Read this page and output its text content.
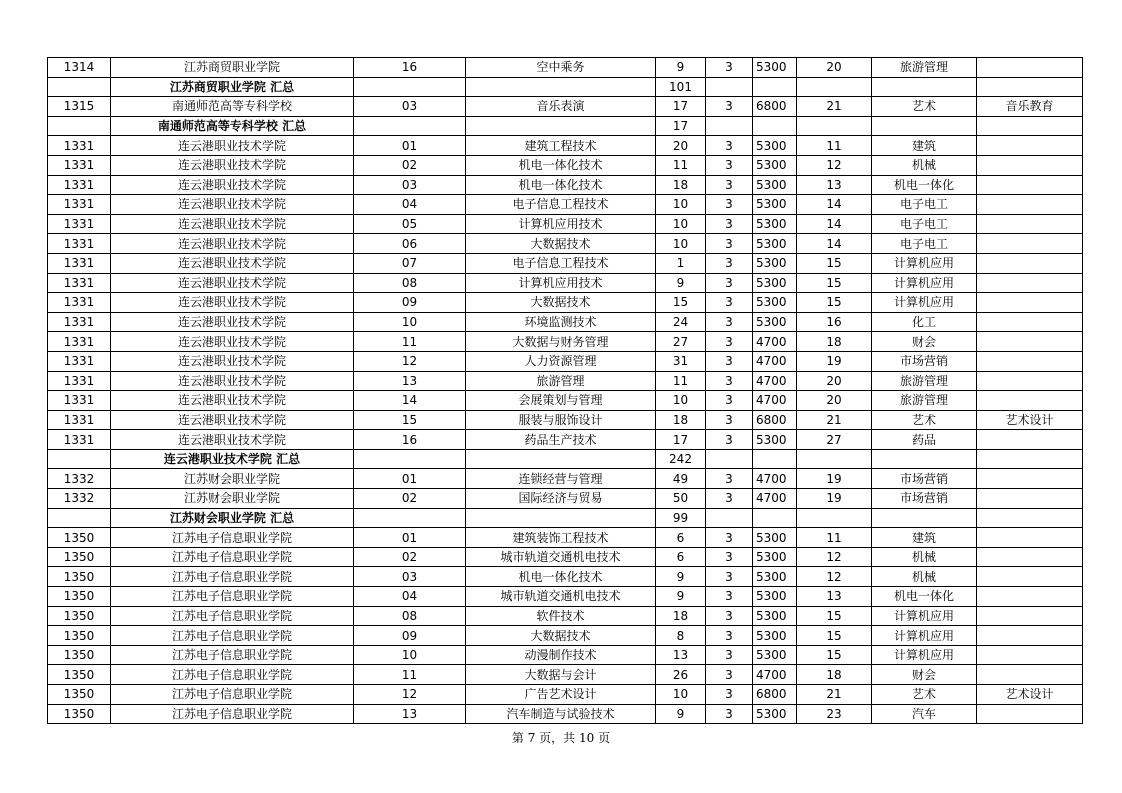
1314	江苏商贸职业学院	16	空中乘务	9	3	5300	20	旅游管理	
	江苏商贸职业学院 汇总			101					
1315	南通师范高等专科学校	03	音乐表演	17	3	6800	21	艺术	音乐教育
	南通师范高等专科学校 汇总			17					
1331	连云港职业技术学院	01	建筑工程技术	20	3	5300	11	建筑	
1331	连云港职业技术学院	02	机电一体化技术	11	3	5300	12	机械	
1331	连云港职业技术学院	03	机电一体化技术	18	3	5300	13	机电一体化	
1331	连云港职业技术学院	04	电子信息工程技术	10	3	5300	14	电子电工	
1331	连云港职业技术学院	05	计算机应用技术	10	3	5300	14	电子电工	
1331	连云港职业技术学院	06	大数据技术	10	3	5300	14	电子电工	
1331	连云港职业技术学院	07	电子信息工程技术	1	3	5300	15	计算机应用	
1331	连云港职业技术学院	08	计算机应用技术	9	3	5300	15	计算机应用	
1331	连云港职业技术学院	09	大数据技术	15	3	5300	15	计算机应用	
1331	连云港职业技术学院	10	环境监测技术	24	3	5300	16	化工	
1331	连云港职业技术学院	11	大数据与财务管理	27	3	4700	18	财会	
1331	连云港职业技术学院	12	人力资源管理	31	3	4700	19	市场营销	
1331	连云港职业技术学院	13	旅游管理	11	3	4700	20	旅游管理	
1331	连云港职业技术学院	14	会展策划与管理	10	3	4700	20	旅游管理	
1331	连云港职业技术学院	15	服装与服饰设计	18	3	6800	21	艺术	艺术设计
1331	连云港职业技术学院	16	药品生产技术	17	3	5300	27	药品	
	连云港职业技术学院 汇总			242					
1332	江苏财会职业学院	01	连锁经营与管理	49	3	4700	19	市场营销	
1332	江苏财会职业学院	02	国际经济与贸易	50	3	4700	19	市场营销	
	江苏财会职业学院 汇总			99					
1350	江苏电子信息职业学院	01	建筑装饰工程技术	6	3	5300	11	建筑	
1350	江苏电子信息职业学院	02	城市轨道交通机电技术	6	3	5300	12	机械	
1350	江苏电子信息职业学院	03	机电一体化技术	9	3	5300	12	机械	
1350	江苏电子信息职业学院	04	城市轨道交通机电技术	9	3	5300	13	机电一体化	
1350	江苏电子信息职业学院	08	软件技术	18	3	5300	15	计算机应用	
1350	江苏电子信息职业学院	09	大数据技术	8	3	5300	15	计算机应用	
1350	江苏电子信息职业学院	10	动漫制作技术	13	3	5300	15	计算机应用	
1350	江苏电子信息职业学院	11	大数据与会计	26	3	4700	18	财会	
1350	江苏电子信息职业学院	12	广告艺术设计	10	3	6800	21	艺术	艺术设计
1350	江苏电子信息职业学院	13	汽车制造与试验技术	9	3	5300	23	汽车	
第 7 页，共 10 页
